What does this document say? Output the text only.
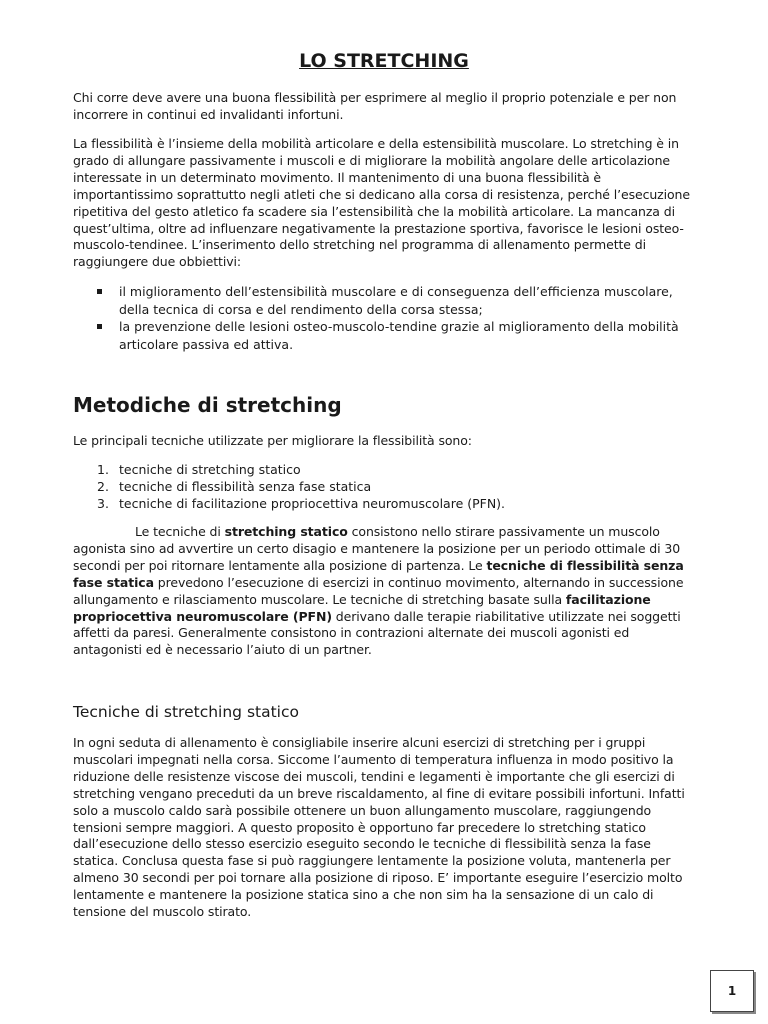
LO STRETCHING

Chi corre deve avere una buona flessibilità per esprimere al meglio il proprio potenziale e per non incorrere in continui ed invalidanti infortuni.

La flessibilità è l’insieme della mobilità articolare e della estensibilità muscolare. Lo stretching è in grado di allungare passivamente i muscoli e di migliorare la mobilità angolare delle articolazione interessate in un determinato movimento. Il mantenimento di una buona flessibilità è importantissimo soprattutto negli atleti che si dedicano alla corsa di resistenza, perché l’esecuzione ripetitiva del gesto atletico fa scadere sia l’estensibilità che la mobilità articolare. La mancanza di quest’ultima, oltre ad influenzare negativamente la prestazione sportiva, favorisce le lesioni osteo-muscolo-tendinee. L’inserimento dello stretching nel programma di allenamento permette di raggiungere due obbiettivi:

il miglioramento dell’estensibilità muscolare e di conseguenza dell’efficienza muscolare, della tecnica di corsa e del rendimento della corsa stessa;
la prevenzione delle lesioni osteo-muscolo-tendine grazie al miglioramento della mobilità articolare passiva ed attiva.
Metodiche di stretching

Le principali tecniche utilizzate per migliorare la flessibilità sono:

1. tecniche di stretching statico
2. tecniche di flessibilità senza fase statica
3. tecniche di facilitazione propriocettiva neuromuscolare (PFN).

Le tecniche di stretching statico consistono nello stirare passivamente un muscolo agonista sino ad avvertire un certo disagio e mantenere la posizione per un periodo ottimale di 30 secondi per poi ritornare lentamente alla posizione di partenza. Le tecniche di flessibilità senza fase statica prevedono l’esecuzione di esercizi in continuo movimento, alternando in successione allungamento e rilasciamento muscolare. Le tecniche di stretching basate sulla facilitazione propriocettiva neuromuscolare (PFN) derivano dalle terapie riabilitative utilizzate nei soggetti affetti da paresi. Generalmente consistono in contrazioni alternate dei muscoli agonisti ed antagonisti ed è necessario l’aiuto di un partner.

Tecniche di stretching statico

In ogni seduta di allenamento è consigliabile inserire alcuni esercizi di stretching per i gruppi muscolari impegnati nella corsa. Siccome l’aumento di temperatura influenza in modo positivo la riduzione delle resistenze viscose dei muscoli, tendini e legamenti è importante che gli esercizi di stretching vengano preceduti da un breve riscaldamento, al fine di evitare possibili infortuni. Infatti solo a muscolo caldo sarà possibile ottenere un buon allungamento muscolare, raggiungendo tensioni sempre maggiori. A questo proposito è opportuno far precedere lo stretching statico dall’esecuzione dello stesso esercizio eseguito secondo le tecniche di flessibilità senza la fase statica. Conclusa questa fase si può raggiungere lentamente la posizione voluta, mantenerla per almeno 30 secondi per poi tornare alla posizione di riposo. E’ importante eseguire l’esercizio molto lentamente e mantenere la posizione statica sino a che non sim ha la sensazione di un calo di tensione del muscolo stirato.

1
